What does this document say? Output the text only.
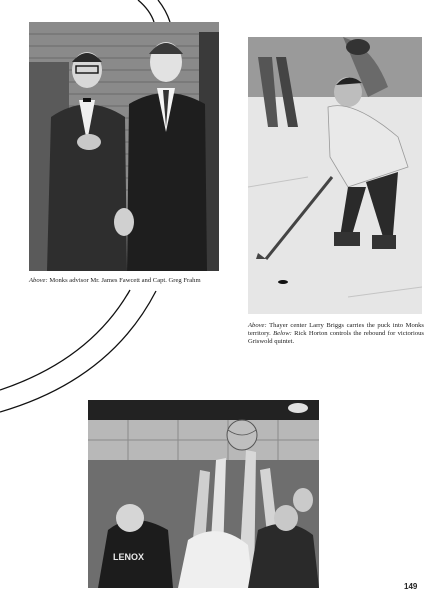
Above: Monks advisor Mr. James Fawcett and Capt. Greg Frahm
Above: Thayer center Larry Briggs carries the puck into Monks territory. Below: Rick Horton controls the rebound for victorious Griswold quintet.
LENOX
149
